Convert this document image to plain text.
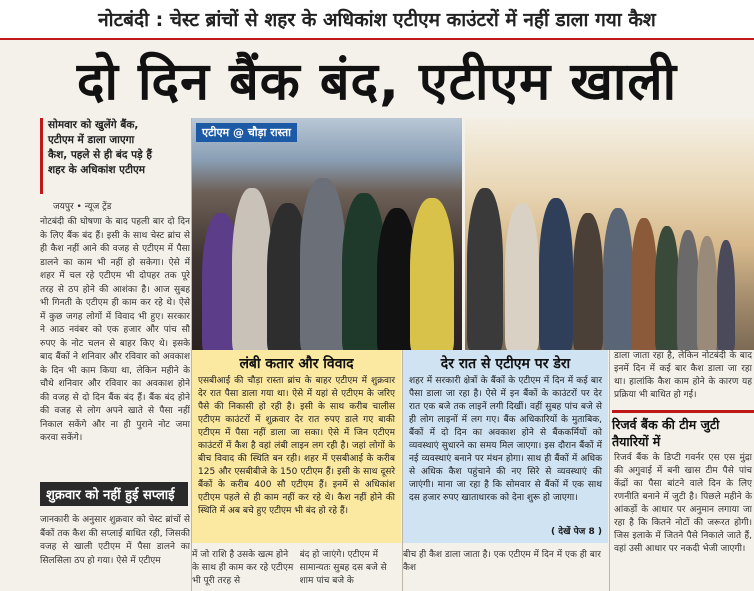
नोटबंदी : चेस्ट ब्रांचों से शहर के अधिकांश एटीएम काउंटरों में नहीं डाला गया कैश
दो दिन बैंक बंद, एटीएम खाली
सोमवार को खुलेंगे बैंक,
एटीएम में डाला जाएगा
कैश, पहले से ही बंद पड़े हैं
शहर के अधिकांश एटीएम
जयपुर • न्यूज ट्रेंड
नोटबंदी की घोषणा के बाद पहली बार दो दिन के लिए बैंक बंद हैं। इसी के साथ चेस्ट ब्रांच से ही कैश नहीं आने की वजह से एटीएम में पैसा डालने का काम भी नहीं हो सकेगा। ऐसे में शहर में चल रहे एटीएम भी दोपहर तक पूरे तरह से ठप होने की आशंका है। आज सुबह भी गिनती के एटीएम ही काम कर रहे थे। ऐसे में कुछ जगह लोगों में विवाद भी हुए। सरकार ने आठ नवंबर को एक हजार और पांच सौ रुपए के नोट चलन से बाहर किए थे। इसके बाद बैंकों ने शनिवार और रविवार को अवकाश के दिन भी काम किया था, लेकिन महीने के चौथे शनिवार और रविवार का अवकाश होने की वजह से दो दिन बैंक बंद हैं। बैंक बंद होने की वजह से लोग अपने खाते से पैसा नहीं निकाल सकेंगे और ना ही पुराने नोट जमा करवा सकेंगे।
शुक्रवार को नहीं हुई सप्लाई
जानकारी के अनुसार शुक्रवार को चेस्ट ब्रांचों से बैंकों तक कैश की सप्लाई बाधित रही, जिसकी वजह से खाली एटीएम में पैसा डालने का सिलसिला ठप हो गया। ऐसे में एटीएम
एटीएम @ चौड़ा रास्ता
लंबी कतार और विवाद
एसबीआई की चौड़ा रास्ता ब्रांच के बाहर एटीएम में शुक्रवार देर रात पैसा डाला गया था। ऐसे में यहां से एटीएम के जरिए पैसे की निकासी हो रही है। इसी के साथ करीब चालीस एटीएम काउंटरों में शुक्रवार देर रात रुपए डाले गए बाकी एटीएम में पैसा नहीं डाला जा सका। ऐसे में जिन एटीएम काउंटरों में कैश है वहां लंबी लाइन लग रही है। जहां लोगों के बीच विवाद की स्थिति बन रही। शहर में एसबीआई के करीब 125 और एसबीबीजे के 150 एटीएम हैं। इसी के साथ दूसरे बैंकों के करीब 400 सौ एटीएम हैं। इनमें से अधिकांश एटीएम पहले से ही काम नहीं कर रहे थे। कैश नहीं होने की स्थिति में अब बचे हुए एटीएम भी बंद हो रहे हैं।
देर रात से एटीएम पर डेरा
शहर में सरकारी क्षेत्रों के बैंकों के एटीएम में दिन में कई बार पैसा डाला जा रहा है। ऐसे में इन बैंकों के काउंटरों पर देर रात एक बजे तक लाइनें लगी दिखीं। वहीं सुबह पांच बजे से ही लोग लाइनों में लग गए। बैंक अधिकारियों के मुताबिक, बैंकों में दो दिन का अवकाश होने से बैंककर्मियों को व्यवस्थाएं सुधारने का समय मिल जाएगा। इस दौरान बैंकों में नई व्यवस्थाएं बनाने पर मंथन होगा। साथ ही बैंकों में अधिक से अधिक कैश पहुंचाने की नए सिरे से व्यवस्थाएं की जाएंगी। माना जा रहा है कि सोमवार से बैंकों में एक साथ दस हजार रुपए खाताधारक को देना शुरू हो जाएगा।
( देखें पेज 8 )

में जो राशि है उसके खत्म होने के साथ ही काम कर रहे एटीएम भी पूरी तरह से

बंद हो जाएंगे। एटीएम में सामान्यतः सुबह दस बजे से शाम पांच बजे के

बीच ही कैश डाला जाता है। एक एटीएम में दिन में एक ही बार कैश

डाला जाता रहा है, लेकिन नोटबंदी के बाद इनमें दिन में कई बार कैश डाला जा रहा था। हालांकि कैश काम होने के कारण यह प्रक्रिया भी बाधित हो गई।
रिजर्व बैंक की टीम जुटी
तैयारियों में
रिजर्व बैंक के डिप्टी गवर्नर एस एस मुंद्रा की अगुवाई में बनी खास टीम पैसे पांच केंद्रों का पैसा बांटने वाले दिन के लिए रणनीति बनाने में जुटी है। पिछले महीने के आंकड़ों के आधार पर अनुमान लगाया जा रहा है कि कितने नोटों की जरूरत होगी। जिस इलाके में जितने पैसे निकाले जाते हैं, वहां उसी आधार पर नकदी भेजी जाएगी।
